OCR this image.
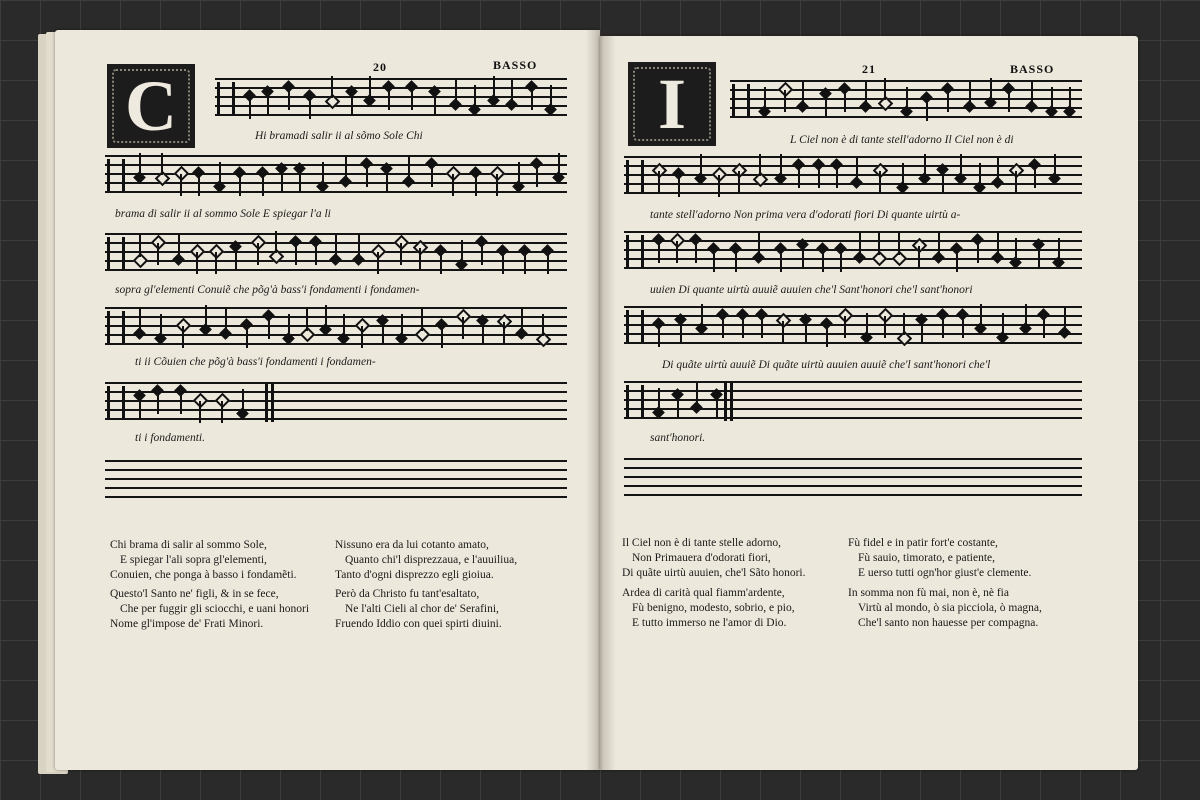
C	20	BASSO
Hi bramadi salir ii al sõmo Sole Chi
brama di salir ii al sommo Sole E spiegar l'a li
sopra gl'elementi Conuiẽ che põg'à bass'i fondamenti i fondamen-
ti ii Cõuien che põg'à bass'i fondamenti i fondamen-
ti i fondamenti.
Chi brama di salir al sommo Sole,
E spiegar l'ali sopra gl'elementi,
Conuien, che ponga à basso i fondamẽti.
Nissuno era da lui cotanto amato,
Quanto chi'l disprezzaua, e l'auuiliua,
Tanto d'ogni disprezzo egli gioiua.
Questo'l Santo ne' figli, & in se fece,
Che per fuggir gli sciocchi, e uani honori
Nome gl'impose de' Frati Minori.
Però da Christo fu tant'esaltato,
Ne l'alti Cieli al chor de' Serafini,
Fruendo Iddio con quei spirti diuini.
I	21	BASSO
L Ciel non è di tante stell'adorno Il Ciel non è di
tante stell'adorno Non prima vera d'odorati fiori Di quante uirtù a-
uuien Di quante uirtù auuiẽ auuien che'l Sant'honori che'l sant'honori
Di quãte uirtù auuiẽ Di quãte uirtù auuien auuiẽ che'l sant'honori che'l
sant'honori.
Il Ciel non è di tante stelle adorno,
Non Primauera d'odorati fiori,
Di quãte uirtù auuien, che'l Sãto honori.
Fù fidel e in patir fort'e costante,
Fù sauio, timorato, e patiente,
E uerso tutti ogn'hor giust'e clemente.
Ardea di carità qual fiamm'ardente,
Fù benigno, modesto, sobrio, e pio,
E tutto immerso ne l'amor di Dio.
In somma non fù mai, non è, nè fia
Virtù al mondo, ò sia picciola, ò magna,
Che'l santo non hauesse per compagna.
